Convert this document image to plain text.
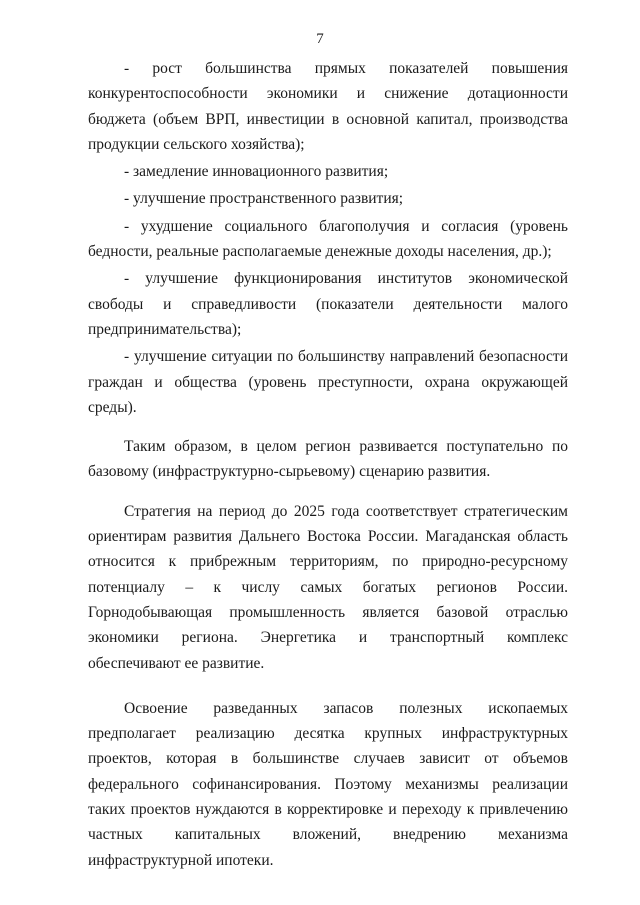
7

- рост большинства прямых показателей повышения конкурентоспособности экономики и снижение дотационности бюджета (объем ВРП, инвестиции в основной капитал, производства продукции сельского хозяйства);

- замедление инновационного развития;

- улучшение пространственного развития;

- ухудшение социального благополучия и согласия (уровень бедности, реальные располагаемые денежные доходы населения, др.);

- улучшение функционирования институтов экономической свободы и справедливости (показатели деятельности малого предпринимательства);

- улучшение ситуации по большинству направлений безопасности граждан и общества (уровень преступности, охрана окружающей среды).

Таким образом, в целом регион развивается поступательно по базовому (инфраструктурно-сырьевому) сценарию развития.

Стратегия на период до 2025 года соответствует стратегическим ориентирам развития Дальнего Востока России. Магаданская область относится к прибрежным территориям, по природно-ресурсному потенциалу – к числу самых богатых регионов России. Горнодобывающая промышленность является базовой отраслью экономики региона. Энергетика и транспортный комплекс обеспечивают ее развитие.

Освоение разведанных запасов полезных ископаемых предполагает реализацию десятка крупных инфраструктурных проектов, которая в большинстве случаев зависит от объемов федерального софинансирования. Поэтому механизмы реализации таких проектов нуждаются в корректировке и переходу к привлечению частных капитальных вложений, внедрению механизма инфраструктурной ипотеки.
